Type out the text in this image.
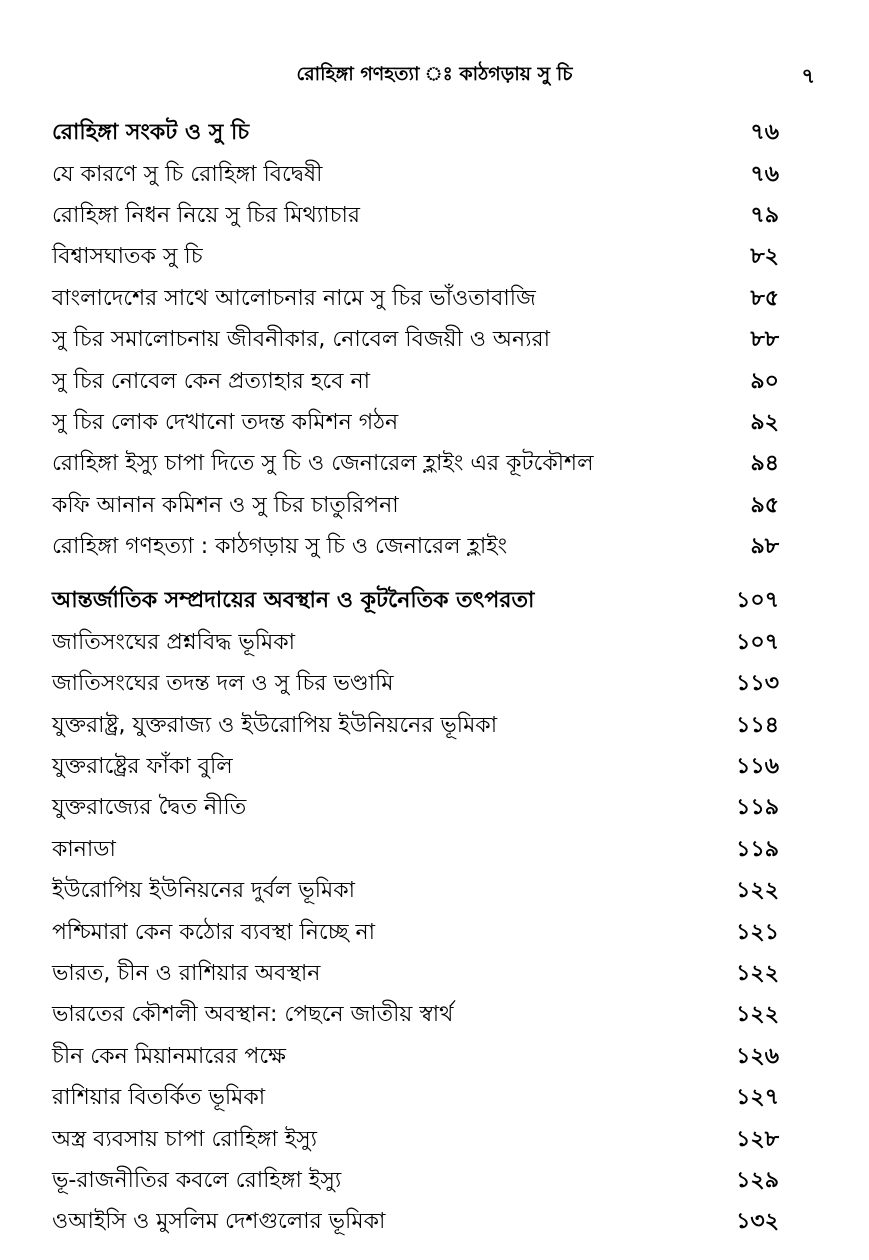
রোহিঙ্গা গণহত্যা ঃ কাঠগড়ায় সু চি	৭
রোহিঙ্গা সংকট ও সু চি	৭৬
যে কারণে সু চি রোহিঙ্গা বিদ্বেষী	৭৬
রোহিঙ্গা নিধন নিয়ে সু চির মিথ্যাচার	৭৯
বিশ্বাসঘাতক সু চি	৮২
বাংলাদেশের সাথে আলোচনার নামে সু চির ভাঁওতাবাজি	৮৫
সু চির সমালোচনায় জীবনীকার, নোবেল বিজয়ী ও অন্যরা	৮৮
সু চির নোবেল কেন প্রত্যাহার হবে না	৯০
সু চির লোক দেখানো তদন্ত কমিশন গঠন	৯২
রোহিঙ্গা ইস্যু চাপা দিতে সু চি ও জেনারেল হ্লাইং এর কূটকৌশল	৯৪
কফি আনান কমিশন ও সু চির চাতুরিপনা	৯৫
রোহিঙ্গা গণহত্যা : কাঠগড়ায় সু চি ও জেনারেল হ্লাইং	৯৮
আন্তর্জাতিক সম্প্রদায়ের অবস্থান ও কূটনৈতিক তৎপরতা	১০৭
জাতিসংঘের প্রশ্নবিদ্ধ ভূমিকা	১০৭
জাতিসংঘের তদন্ত দল ও সু চির ভণ্ডামি	১১৩
যুক্তরাষ্ট্র, যুক্তরাজ্য ও ইউরোপিয় ইউনিয়নের ভূমিকা	১১৪
যুক্তরাষ্ট্রের ফাঁকা বুলি	১১৬
যুক্তরাজ্যের দ্বৈত নীতি	১১৯
কানাডা	১১৯
ইউরোপিয় ইউনিয়নের দুর্বল ভূমিকা	১২২
পশ্চিমারা কেন কঠোর ব্যবস্থা নিচ্ছে না	১২১
ভারত, চীন ও রাশিয়ার অবস্থান	১২২
ভারতের কৌশলী অবস্থান: পেছনে জাতীয় স্বার্থ	১২২
চীন কেন মিয়ানমারের পক্ষে	১২৬
রাশিয়ার বিতর্কিত ভূমিকা	১২৭
অস্ত্র ব্যবসায় চাপা রোহিঙ্গা ইস্যু	১২৮
ভূ-রাজনীতির কবলে রোহিঙ্গা ইস্যু	১২৯
ওআইসি ও মুসলিম দেশগুলোর ভূমিকা	১৩২
